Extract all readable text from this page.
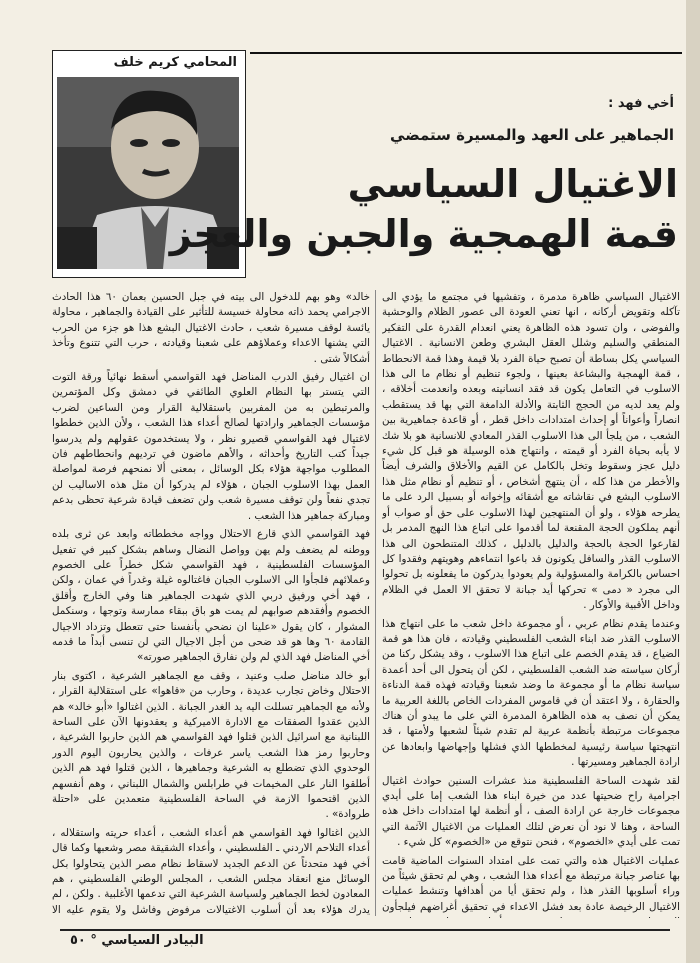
المحامي كريم خلف
أخي فهد :
الجماهير على العهد والمسيرة ستمضي
الاغتيال السياسي
قمة الهمجية والجبن والعجز

الاغتيال السياسي ظاهرة مدمرة ، وتفشيها في مجتمع ما يؤدي الى تآكله وتقويض أركانه ، انها تعني العودة الى عصور الظلام والوحشية والفوضى ، وان تسود هذه الظاهرة يعني انعدام القدرة على التفكير المنطقي والسليم وشلل العقل البشري وطعن الانسانية . الاغتيال السياسي يكل بساطة أن تصبح حياة الفرد بلا قيمة وهذا قمة الانحطاط ، قمة الهمجية والبشاعة بعينها ، ولجوء تنظيم أو نظام ما الى هذا الاسلوب في التعامل يكون قد فقد انسانيته وبعده وانعدمت أخلاقه ، ولم يعد لديه من الحجج الثابتة والأدلة الدامغة التي بها قد يستقطب انصاراً وأعواناً أو إحداث امتدادات داخل قطر ، أو قاعدة جماهيرية بين الشعب ، من يلجأ الى هذا الاسلوب القذر المعادي للانسانية هو بلا شك لا يأبه بحياة الفرد أو قيمته ، وانتهاج هذه الوسيلة هو قبل كل شيء دليل عجز وسقوط وتخل بالكامل عن القيم والأخلاق والشرف أيضاً والأخطر من هذا كله ، أن ينتهج أشخاص ، أو تنظيم أو نظام مثل هذا الاسلوب البشع في نقاشاته مع أشقائه وإخوانه أو بسبيل الرد على ما يطرحه هؤلاء ، ولو أن المنتهجين لهذا الاسلوب على حق أو صواب أو أنهم يملكون الحجة المقنعة لما أقدموا على اتباع هذا النهج المدمر بل لقارعوا الحجة بالحجة والدليل بالدليل ، كذلك المتنطحون الى هذا الاسلوب القذر والسافل يكونون قد باعوا انتماءهم وهويتهم وفقدوا كل احساس بالكرامة والمسؤولية ولم يعودوا يدركون ما يفعلونه بل تحولوا الى مجرد « دمى » تحركها أيد جبانة لا تحقق الا العمل في الظلام وداخل الأقبية والأوكار .

وعندما يقدم نظام عربي ، أو مجموعة داخل شعب ما على انتهاج هذا الاسلوب القذر ضد ابناء الشعب الفلسطيني وقيادته ، فان هذا هو قمة الضياع ، قد يقدم الخصم على اتباع هذا الاسلوب ، وقد يشكل ركنا من أركان سياسته ضد الشعب الفلسطيني ، لكن أن يتحول الى أحد أعمدة سياسة نظام ما أو مجموعة ما وضد شعبنا وقيادته فهذه قمة الدناءة والحقارة ، ولا اعتقد أن في قاموس المفردات الخاص باللغة العربية ما يمكن أن نصف به هذه الظاهرة المدمرة التي على ما يبدو أن هناك مجموعات مرتبطة بأنظمة عربية لم تقدم شيئاً لشعبها ولأمتها ، قد انتهجتها سياسة رئيسية لمخططها الذي فشلها وإجهاضها وابعادها عن ارادة الجماهير ومسيرتها .

لقد شهدت الساحة الفلسطينية منذ عشرات السنين حوادث اغتيال اجرامية راح ضحيتها عدد من خيرة ابناء هذا الشعب إما على أيدي مجموعات خارجة عن ارادة الصف ، أو أنظمة لها امتدادات داخل هذه الساحة ، وهنا لا نود أن نعرض لتلك العمليات من الاغتيال الآثمة التي تمت على أيدي «الخصوم» ، فنحن نتوقع من «الخصوم» كل شيء .

عمليات الاغتيال هذه والتي تمت على امتداد السنوات الماضية قامت بها عناصر جبانة مرتبطة مع أعداء هذا الشعب ، وهي لم تحقق شيئاً من وراء أسلوبها القذر هذا ، ولم تحقق أيا من أهدافها وتنشط عمليات الاغتيال الرخيصة عادة بعد فشل الاعداء في تحقيق أغراضهم فيلجأون

خالد» وهو بهم للدخول الى بيته في جبل الحسين بعمان ٦٠ هذا الحادث الاجرامي يحمد ذاته محاولة خسيسة للتأثير على القيادة والجماهير ، محاولة يائسة لوقف مسيرة شعب ، حادث الاغتيال البشع هذا هو جزء من الحرب التي يشنها الاعداء وعملاؤهم على شعبنا وقيادته ، حرب التي تتنوع وتأخذ أشكالاً شتى .

ان اغتيال رفيق الدرب المناضل فهد القواسمي أسقط نهائياً ورقة التوت التي يتستر بها النظام العلوي الطائفي في دمشق وكل المؤتمرين والمرتبطين به من المفربين باستقلالية القرار ومن الساعين لضرب مؤسسات الجماهير وارادتها لصالح أعداء هذا الشعب ، ولأن الذين خططوا لاغتيال فهد القواسمي قصيرو نظر ، ولا يستخدمون عقولهم ولم يدرسوا جيداً كتب التاريخ وأحداثه ، والأهم ماضون في ترديهم وانحطاطهم فان المطلوب مواجهة هؤلاء بكل الوسائل ، بمعنى ألا نمنحهم فرصة لمواصلة العمل بهذا الاسلوب الجبان ، هؤلاء لم يدركوا أن مثل هذه الاساليب لن تجدي نفعاً ولن توقف مسيرة شعب ولن تضعف قيادة شرعية تحظى بدعم ومباركة جماهير هذا الشعب .

فهد القواسمي الذي قارع الاحتلال وواجه مخططاته وابعد عن ثرى بلده ووطنه لم يضعف ولم يهن وواصل النضال وساهم بشكل كبير في تفعيل المؤسسات الفلسطينية ، فهد القواسمي شكل خطراً على الخصوم وعملائهم فلجأوا الى الاسلوب الجبان فاغتالوه غيلة وغدراً في عمان ، ولكن ، فهد أخي ورفيق دربي الذي شهدت الجماهير هنا وفي الخارج وأقلق الخصوم وأفقدهم صوابهم لم يمت هو باق ببقاء ممارسة وتوجها ، وسنكمل المشوار ، كان يقول «علينا ان نضحي بأنفسنا حتى تتعطل وتزداد الاجيال القادمة ٦٠ وها هو قد ضحى من أجل الاجيال التي لن تنسى أبداً ما قدمه أخي المناضل فهد الذي لم ولن نفارق الجماهير صورته»

أبو خالد مناضل صلب وعنيد ، وقف مع الجماهير الشرعية ، اكتوى بنار الاحتلال وخاض تجارب عديدة ، وحارب من «قاهوا» على استقلالية القرار ، ولأنه مع الجماهير تسللت اليه يد الغدر الجبانة . الذين اغتالوا «أبو خالد» هم الذين عقدوا الصفقات مع الادارة الاميركية و يعقدونها الآن على الساحة اللبنانية مع اسرائيل الذين قتلوا فهد القواسمي هم الذين حاربوا الشرعية ، وحاربوا رمز هذا الشعب ياسر عرفات ، والذين يحاربون اليوم الدور الوحدوي الذي تضطلع به الشرعية وجماهيرها ، الذين قتلوا فهد هم الذين أطلقوا النار على المخيمات في طرابلس والشمال اللبناني ، وهم أنفسهم الذين اقتحموا الازمة في الساحة الفلسطينية متعمدين على «احتلة طروادة» .

الذين اغتالوا فهد القواسمي هم أعداء الشعب ، أعداء حريته واستقلاله ، أعداء التلاحم الاردني ـ الفلسطيني ، وأعداء الشقيقة مصر وشعبها وكما قال أخي فهد متحدثاً عن الدعم الجديد لاسقاط نظام مصر الذين يتحاولوا بكل الوسائل منع انعقاد مجلس الشعب ، المجلس الوطني الفلسطيني ، هم المعادون لخط الجماهير ولسياسة الشرعية التي تدعمها الأغلبية . ولكن ، لم يدرك هؤلاء بعد أن أسلوب الاغتيالات مرفوض وفاشل ولا يقوم عليه الا

البيادر السياسي ° ٥٠
